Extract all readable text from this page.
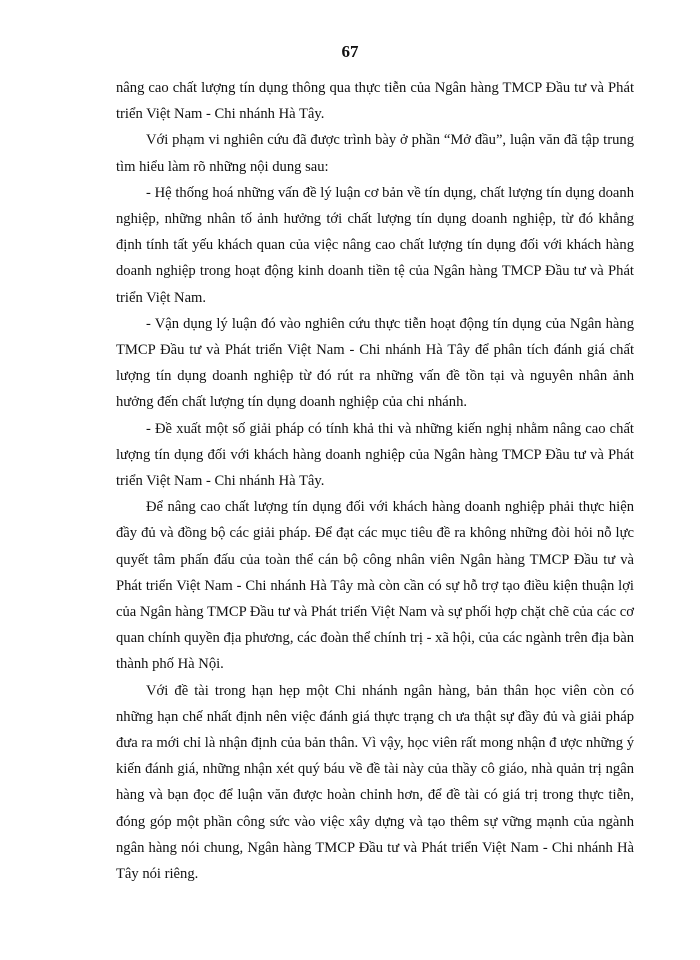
67

nâng cao chất lượng tín dụng thông qua thực tiễn của Ngân hàng TMCP Đầu tư và Phát triển Việt Nam - Chi nhánh Hà Tây.

Với phạm vi nghiên cứu đã được trình bày ở phần “Mở đầu”, luận văn đã tập trung tìm hiểu làm rõ những nội dung sau:

- Hệ thống hoá những vấn đề lý luận cơ bản về tín dụng, chất lượng tín dụng doanh nghiệp, những nhân tố ảnh hưởng tới chất lượng tín dụng doanh nghiệp, từ đó khẳng định tính tất yếu khách quan của việc nâng cao chất lượng tín dụng đối với khách hàng doanh nghiệp trong hoạt động kinh doanh tiền tệ của Ngân hàng TMCP Đầu tư và Phát triển Việt Nam.

- Vận dụng lý luận đó vào nghiên cứu thực tiễn hoạt động tín dụng của Ngân hàng TMCP Đầu tư và Phát triển Việt Nam - Chi nhánh Hà Tây để phân tích đánh giá chất lượng tín dụng doanh nghiệp từ đó rút ra những vấn đề tồn tại và nguyên nhân ảnh hưởng đến chất lượng tín dụng doanh nghiệp của chi nhánh.

- Đề xuất một số giải pháp có tính khả thi và những kiến nghị nhằm nâng cao chất lượng tín dụng đối với khách hàng doanh nghiệp của Ngân hàng TMCP Đầu tư và Phát triển Việt Nam - Chi nhánh Hà Tây.

Để nâng cao chất lượng tín dụng đối với khách hàng doanh nghiệp phải thực hiện đầy đủ và đồng bộ các giải pháp. Để đạt các mục tiêu đề ra không những đòi hỏi nỗ lực quyết tâm phấn đấu của toàn thể cán bộ công nhân viên Ngân hàng TMCP Đầu tư và Phát triển Việt Nam - Chi nhánh Hà Tây mà còn cần có sự hỗ trợ tạo điều kiện thuận lợi của Ngân hàng TMCP Đầu tư và Phát triển Việt Nam và sự phối hợp chặt chẽ của các cơ quan chính quyền địa phương, các đoàn thể chính trị - xã hội, của các ngành trên địa bàn thành phố Hà Nội.

Với đề tài trong hạn hẹp một Chi nhánh ngân hàng, bản thân học viên còn có những hạn chế nhất định nên việc đánh giá thực trạng ch ưa thật sự đầy đủ và giải pháp đưa ra mới chỉ là nhận định của bản thân. Vì vậy, học viên rất mong nhận đ ược những ý kiến đánh giá, những nhận xét quý báu về đề tài này của thầy cô giáo, nhà quản trị ngân hàng và bạn đọc để luận văn được hoàn chỉnh hơn, để đề tài có giá trị trong thực tiễn, đóng góp một phần công sức vào việc xây dựng và tạo thêm sự vững mạnh của ngành ngân hàng nói chung, Ngân hàng TMCP Đầu tư và Phát triển Việt Nam - Chi nhánh Hà Tây nói riêng.
